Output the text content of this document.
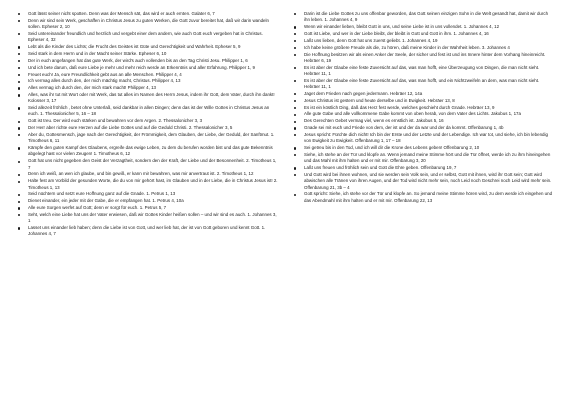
Gott lässt seiner nicht spotten. Denn was der Mensch sät, das wird er auch ernten. Galater 6, 7
Denn wir sind sein Werk, geschaffen in Christus Jesus zu guten Werken, die Gott zuvor bereitet hat, daß wir darin wandeln sollen. Epheser 2, 10
Seid untereinander freundlich und herzlich und vergebt einer dem andern, wie auch Gott euch vergeben hat in Christus. Epheser 4, 32
Lebt als die Kinder des Lichts; die Frucht des Geistes ist Güte und Gerechtigkeit und Wahrheit. Epheser 5, 9
Seid stark in dem Herrn und in der Macht seiner Stärke. Epheser 6, 10
Der in euch angefangen hat das gute Werk, der wird's auch vollenden bis an den Tag Christi Jesu. Philipper 1, 6
Und ich bete darum, daß eure Liebe je mehr und mehr reich werde an Erkenntnis und aller Erfahrung. Philipper 1, 9
Freuet euch! Ja, eure Freundlichkeit gebt aus an alle Menschen. Philipper 4, 4
Ich vermag alles durch den, der mich mächtig macht, Christus. Philipper 4, 13
Alles vermag ich durch den, der mich stark macht! Philipper 4, 13
Alles, was ihr tut mit Wort oder mit Werk, das tut alles im Namen des Herrn Jesus, indem ihr Gott, dem Vater, durch ihn dankt! Kolosser 3, 17
Seid allezeit fröhlich , betet ohne Unterlaß, seid dankbar in allen Dingen; denn das ist der Wille Gottes in Christus Jesus an euch. 1. Thessalonicher 5, 16 – 18
Gott ist treu. Der wird euch stärken und bewahren vor dem Argen. 2. Thessalonicher 3, 3
Der Herr aber richte eure Herzen auf die Liebe Gottes und auf die Geduld Christi. 2. Thessalonicher 3, 5
Aber du, Gottesmensch, jage nach der Gerechtigkeit, der Frömmigkeit, dem Glauben, der Liebe, der Geduld, der Sanftmut. 1. Timotheus 6, 11
Kämpfe den guten Kampf des Glaubens, ergreife das ewige Leben, zu dem du berufen worden bist und das gute Bekenntnis abgelegt hast vor vielen Zeugen! 1. Timotheus 6, 12
Gott hat uns nicht gegeben den Geist der Verzagtheit, sondern den der Kraft, der Liebe und der Besonnenheit. 2. Timotheus 1, 7
Denn ich weiß, an wen ich glaube, und bin gewiß, er kann mir bewahren, was mir anvertraut ist. 2. Timotheus 1, 12
Halte fest am Vorbild der gesunden Worte, die du von mir gehört hast, im Glauben und in der Liebe, die in Christus Jesus ist! 2. Timotheus 1, 13
Seid nüchtern und setzt eure Hoffnung ganz auf die Gnade. 1. Petrus 1, 13
Dienet einander, ein jeder mit der Gabe, die er empfangen hat. 1. Petrus 4, 10a
Alle eure Sorgen werfet auf Gott; denn er sorgt für euch. 1. Petrus 5, 7
Seht, welch eine Liebe hat uns der Vater erwiesen, daß wir Gottes Kinder heißen sollen – und wir sind es auch. 1. Johannes 3, 1
Lasset uns einander lieb haben; denn die Liebe ist von Gott, und wer lieb hat, der ist von Gott geboren und kennt Gott. 1. Johannes 4, 7
Darin ist die Liebe Gottes zu uns offenbar geworden, das Gott seinen einzigen Sohn in die Welt gesandt hat, damit wir durch ihn leben. 1. Johannes 4, 9
Wenn wir einander lieben, bleibt Gott in uns, und seine Liebe ist in uns vollendet. 1. Johannes 4, 12
Gott ist Liebe, und wer in der Liebe bleibt, der bleibt in Gott und Gott in ihm. 1. Johannes 4, 16
Laßt uns lieben, denn Gott hat uns zuerst geliebt. 1. Johannes 4, 19
Ich habe keine größere Freude als die, zu hören, daß meine Kinder in der Wahrheit leben. 3. Johannes 4
Die Hoffnung besitzen wir als einen Anker der Seele, der sicher und fest ist und ins Innere hinter dem Vorhang hineinreicht. Hebräer 6, 19
Es ist aber der Glaube eine feste Zuversicht auf das, was man hofft, eine Überzeugung von Dingen, die man nicht sieht. Hebräer 11, 1
Es ist aber der Glaube eine feste Zuversicht auf das, was man hofft, und ein Nichtzweifeln an dem, was man nicht sieht. Hebräer 11, 1
Jaget dem Frieden nach gegen jedermann. Hebräer 12, 14a
Jesus Christus ist gestern und heute derselbe und in Ewigkeit. Hebräer 13, 8
Es ist ein köstlich Ding, daß das Herz fest werde, welches geschieht durch Gnade. Hebräer 13, 9
Alle gute Gabe und alle vollkommene Gabe kommt von oben herab, von dem Vater des Lichts. Jakobus 1, 17a
Des Gerechten Gebet vermag viel, wenn es ernstlich ist. Jakobus 5, 16
Gnade sei mit euch und Friede von dem, der ist und der da war und der da kommt. Offenbarung 1, 4b
Jesus spricht: Fürchte dich nicht! Ich bin der Erste und der Letzte und der Lebendige. Ich war tot, und siehe, ich bin lebendig von Ewigkeit zu Ewigkeit. Offenbarung 1, 17 – 18
Sei getreu bis in den Tod, und ich will dir die Krone des Lebens geben! Offenbarung 2, 10
Siehe, ich stehe an der Tür und klopfe an. Wenn jemand meine Stimme hört und die Tür öffnet, werde ich zu ihm hineingehen und das Mahl mit ihm halten und er mit mir. Offenbarung 3, 20
Laßt uns freuen und fröhlich sein und Gott die Ehre geben. Offenbarung 19, 7
Und Gott wird bei ihnen wohnen, und sie werden sein Volk sein, und er selbst, Gott mit ihnen, wird ihr Gott sein; Gott wird abwischen alle Tränen von ihren Augen, und der Tod wird nicht mehr sein, noch Leid noch Geschrei noch Leid wird mehr sein. Offenbarung 21, 3b – 4
Gott spricht: Siehe, ich stehe vor der Tür und klopfe an. So jemand meine Stimme hören wird, zu dem werde ich eingehen und das Abendmahl mit ihm halten und er mit mir. Offenbarung 22, 13
